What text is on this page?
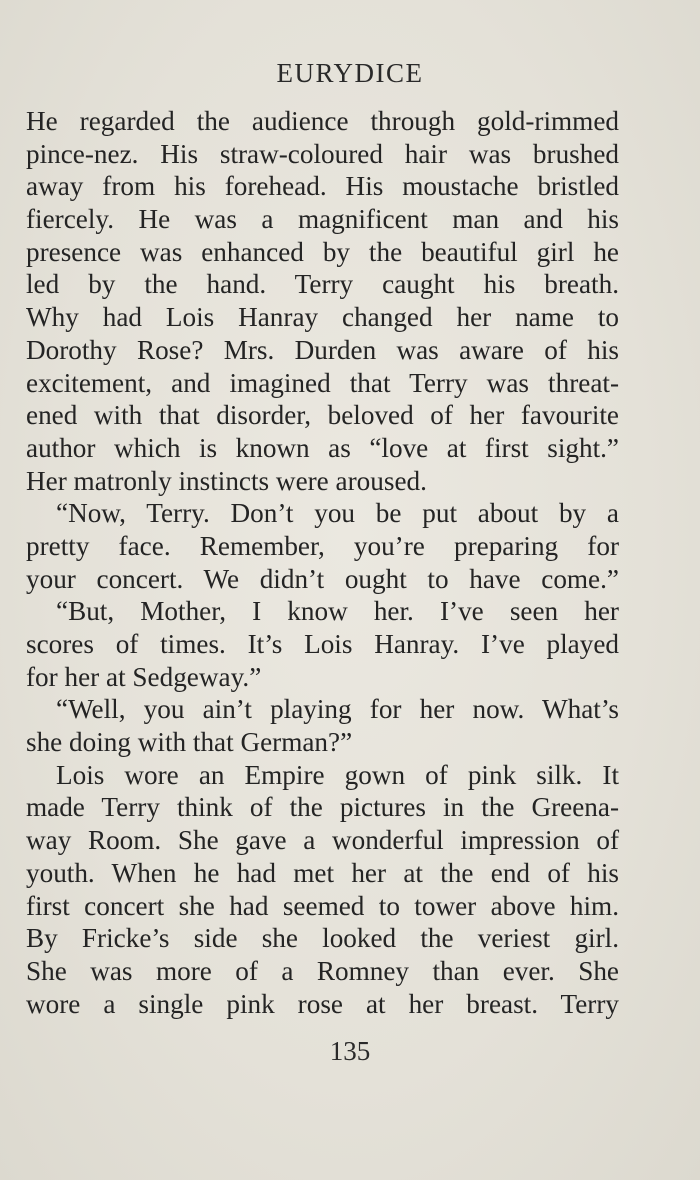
EURYDICE
He regarded the audience through gold-rimmed
pince-nez. His straw-coloured hair was brushed
away from his forehead. His moustache bristled
fiercely. He was a magnificent man and his
presence was enhanced by the beautiful girl he
led by the hand. Terry caught his breath.
Why had Lois Hanray changed her name to
Dorothy Rose? Mrs. Durden was aware of his
excitement, and imagined that Terry was threat-
ened with that disorder, beloved of her favourite
author which is known as “love at first sight.”
Her matronly instincts were aroused.
“Now, Terry. Don’t you be put about by a
pretty face. Remember, you’re preparing for
your concert. We didn’t ought to have come.”
“But, Mother, I know her. I’ve seen her
scores of times. It’s Lois Hanray. I’ve played
for her at Sedgeway.”
“Well, you ain’t playing for her now. What’s
she doing with that German?”
Lois wore an Empire gown of pink silk. It
made Terry think of the pictures in the Greena-
way Room. She gave a wonderful impression of
youth. When he had met her at the end of his
first concert she had seemed to tower above him.
By Fricke’s side she looked the veriest girl.
She was more of a Romney than ever. She
wore a single pink rose at her breast. Terry
135
